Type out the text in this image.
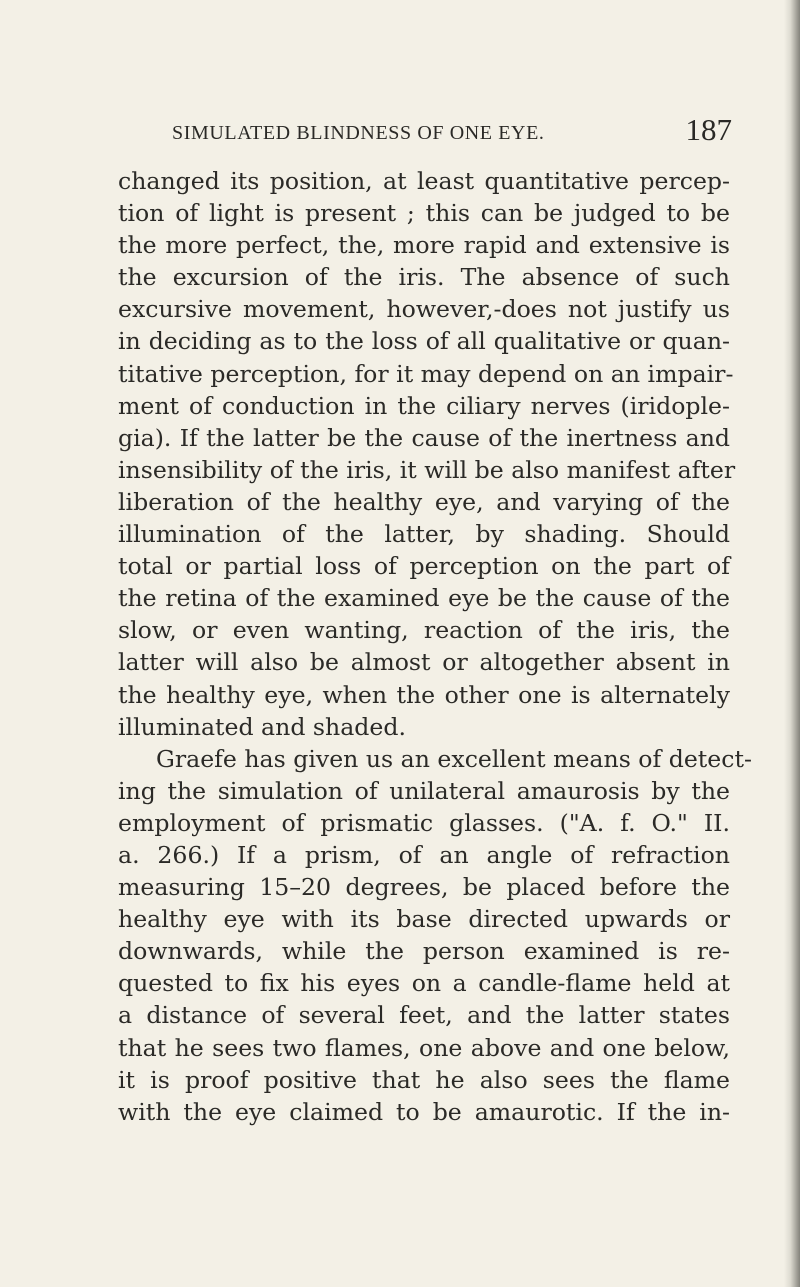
SIMULATED BLINDNESS OF ONE EYE.	187
changed its position, at least quantitative percep-
tion of light is present ; this can be judged to be
the more perfect, the, more rapid and extensive is
the excursion of the iris. The absence of such
excursive movement, however,-does not justify us
in deciding as to the loss of all qualitative or quan-
titative perception, for it may depend on an impair-
ment of conduction in the ciliary nerves (iridople-
gia). If the latter be the cause of the inertness and
insensibility of the iris, it will be also manifest after
liberation of the healthy eye, and varying of the
illumination of the latter, by shading. Should
total or partial loss of perception on the part of
the retina of the examined eye be the cause of the
slow, or even wanting, reaction of the iris, the
latter will also be almost or altogether absent in
the healthy eye, when the other one is alternately
illuminated and shaded.
Graefe has given us an excellent means of detect-
ing the simulation of unilateral amaurosis by the
employment of prismatic glasses. ("A. f. O." II.
a. 266.) If a prism, of an angle of refraction
measuring 15–20 degrees, be placed before the
healthy eye with its base directed upwards or
downwards, while the person examined is re-
quested to fix his eyes on a candle-flame held at
a distance of several feet, and the latter states
that he sees two flames, one above and one below,
it is proof positive that he also sees the flame
with the eye claimed to be amaurotic. If the in-
